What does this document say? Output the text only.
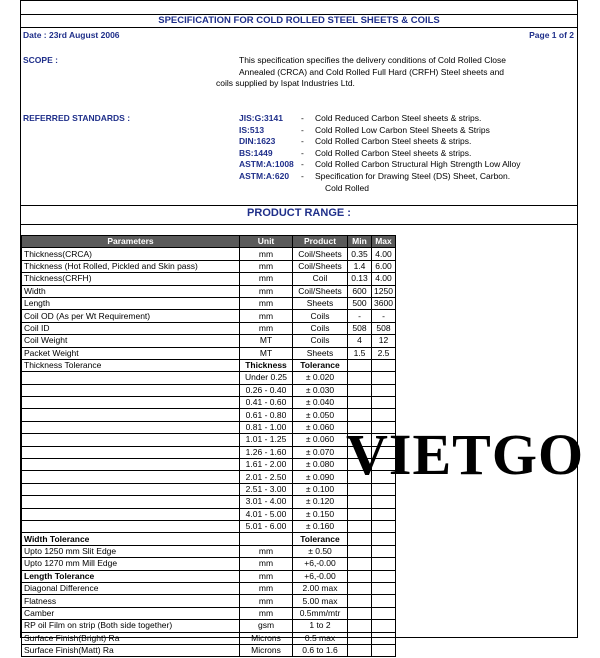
SPECIFICATION FOR COLD ROLLED STEEL SHEETS & COILS
Date : 23rd August 2006	Page 1 of 2
SCOPE :	This specification specifies the delivery conditions of Cold Rolled Close
Annealed (CRCA) and Cold Rolled Full Hard (CRFH) Steel sheets and
coils supplied by Ispat Industries Ltd.
REFERRED STANDARDS :	JIS:G:3141	-	Cold Reduced Carbon Steel sheets & strips.
IS:513	-	Cold Rolled Low Carbon Steel Sheets & Strips
DIN:1623	-	Cold Rolled Carbon Steel sheets & strips.
BS:1449	-	Cold Rolled Carbon Steel sheets & strips.
ASTM:A:1008 -	Cold Rolled Carbon Structural High Strength Low Alloy
ASTM:A:620	-	Specification for Drawing Steel (DS) Sheet, Carbon.
Cold Rolled
PRODUCT RANGE :
Parameters	Unit	Product	Min	Max
Thickness(CRCA)	mm	Coil/Sheets	0.35	4.00
Thickness (Hot Rolled, Pickled and Skin pass)	mm	Coil/Sheets	1.4	6.00
Thickness(CRFH)	mm	Coil	0.13	4.00
Width	mm	Coil/Sheets	600	1250
Length	mm	Sheets	500	3600
Coil OD (As per Wt Requirement)	mm	Coils	-	-
Coil ID	mm	Coils	508	508
Coil Weight	MT	Coils	4	12
Packet Weight	MT	Sheets	1.5	2.5
Thickness Tolerance	Thickness	Tolerance		
	Under 0.25	± 0.020		
	0.26 - 0.40	± 0.030		
	0.41 - 0.60	± 0.040		
	0.61 - 0.80	± 0.050		
	0.81 - 1.00	± 0.060		
	1.01 - 1.25	± 0.060		
	1.26 - 1.60	± 0.070		
	1.61 - 2.00	± 0.080		
	2.01 - 2.50	± 0.090		
	2.51 - 3.00	± 0.100		
	3.01 - 4.00	± 0.120		
	4.01 - 5.00	± 0.150		
	5.01 - 6.00	± 0.160		
Width Tolerance		Tolerance		
Upto 1250 mm Slit Edge	mm	± 0.50		
Upto 1270 mm Mill Edge	mm	+6,-0.00		
Length Tolerance	mm	+6,-0.00		
Diagonal Difference	mm	2.00 max		
Flatness	mm	5.00 max		
Camber	mm	0.5mm/mtr		
RP oil Film on strip (Both side together)	gsm	1 to 2		
Surface Finish(Bright) Ra	Microns	0.5 max		
Surface Finish(Matt) Ra	Microns	0.6 to 1.6		
VIETGO
